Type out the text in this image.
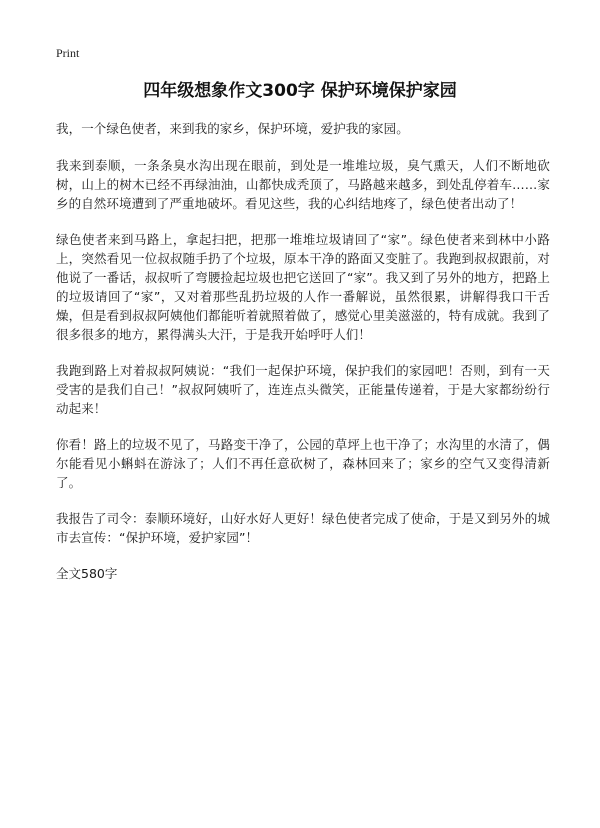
Print
四年级想象作文300字 保护环境保护家园

我，一个绿色使者，来到我的家乡，保护环境，爱护我的家园。

我来到泰顺，一条条臭水沟出现在眼前，到处是一堆堆垃圾，臭气熏天，人们不断地砍树，山上的树木已经不再绿油油，山都快成秃顶了，马路越来越多，到处乱停着车……家乡的自然环境遭到了严重地破坏。看见这些，我的心纠结地疼了，绿色使者出动了！

绿色使者来到马路上，拿起扫把，把那一堆堆垃圾请回了“家”。绿色使者来到林中小路上，突然看见一位叔叔随手扔了个垃圾，原本干净的路面又变脏了。我跑到叔叔跟前，对他说了一番话，叔叔听了弯腰捡起垃圾也把它送回了“家”。我又到了另外的地方，把路上的垃圾请回了“家”，又对着那些乱扔垃圾的人作一番解说，虽然很累，讲解得我口干舌燥，但是看到叔叔阿姨他们都能听着就照着做了，感觉心里美滋滋的，特有成就。我到了很多很多的地方，累得满头大汗，于是我开始呼吁人们！

我跑到路上对着叔叔阿姨说：“我们一起保护环境，保护我们的家园吧！否则，到有一天受害的是我们自己！”叔叔阿姨听了，连连点头微笑，正能量传递着，于是大家都纷纷行动起来！

你看！路上的垃圾不见了，马路变干净了，公园的草坪上也干净了；水沟里的水清了，偶尔能看见小蝌蚪在游泳了；人们不再任意砍树了，森林回来了；家乡的空气又变得清新了。

我报告了司令：泰顺环境好，山好水好人更好！绿色使者完成了使命，于是又到另外的城市去宣传：“保护环境，爱护家园”！

全文580字
